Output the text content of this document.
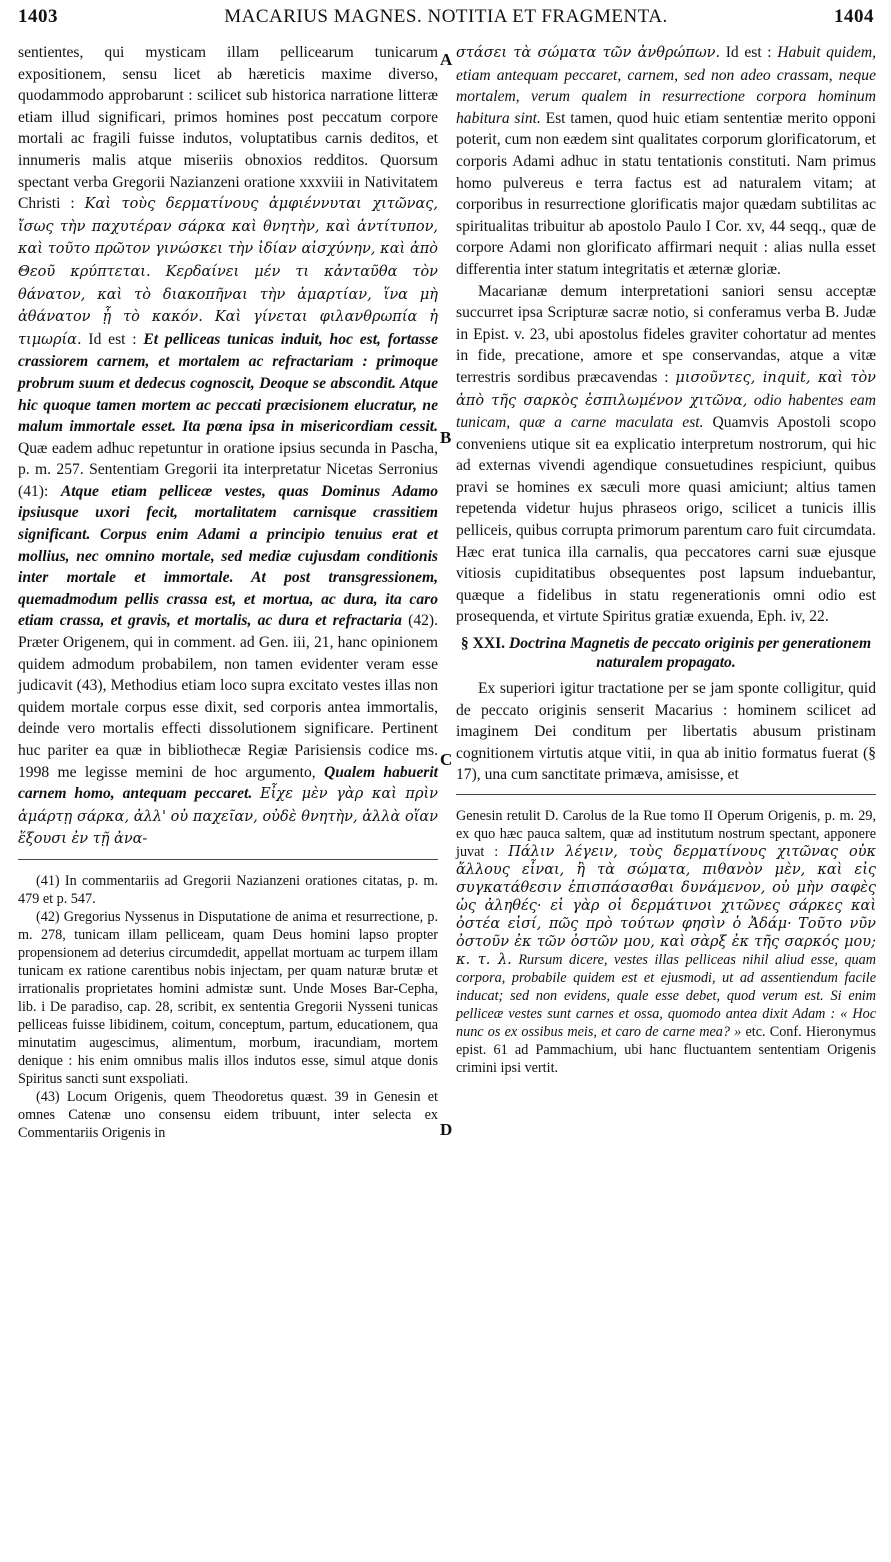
1403	MACARIUS MAGNES. NOTITIA ET FRAGMENTA.	1404
A
B
C
D

sentientes, qui mysticam illam pellicearum tunicarum expositionem, sensu licet ab hæreticis maxime diverso, quodammodo approbarunt : scilicet sub historica narratione litteræ etiam illud significari, primos homines post peccatum corpore mortali ac fragili fuisse indutos, voluptatibus carnis deditos, et innumeris malis atque miseriis obnoxios redditos. Quorsum spectant verba Gregorii Nazianzeni oratione xxxviii in Nativitatem Christi : Καὶ τοὺς δερματίνους ἀμφιέννυται χιτῶνας, ἴσως τὴν παχυτέραν σάρκα καὶ θνητὴν, καὶ ἀντίτυπον, καὶ τοῦτο πρῶτον γινώσκει τὴν ἰδίαν αἰσχύνην, καὶ ἀπὸ Θεοῦ κρύπτεται. Κερδαίνει μέν τι κἀνταῦθα τὸν θάνατον, καὶ τὸ διακοπῆναι τὴν ἁμαρτίαν, ἵνα μὴ ἀθάνατον ᾖ τὸ κακόν. Καὶ γίνεται φιλανθρωπία ἡ τιμωρία. Id est : Et pelliceas tunicas induit, hoc est, fortasse crassiorem carnem, et mortalem ac refractariam : primoque probrum suum et dedecus cognoscit, Deoque se abscondit. Atque hic quoque tamen mortem ac peccati præcisionem elucratur, ne malum immortale esset. Ita pœna ipsa in misericordiam cessit. Quæ eadem adhuc repetuntur in oratione ipsius secunda in Pascha, p. m. 257. Sententiam Gregorii ita interpretatur Nicetas Serronius (41): Atque etiam pelliceæ vestes, quas Dominus Adamo ipsiusque uxori fecit, mortalitatem carnisque crassitiem significant. Corpus enim Adami a principio tenuius erat et mollius, nec omnino mortale, sed mediæ cujusdam conditionis inter mortale et immortale. At post transgressionem, quemadmodum pellis crassa est, et mortua, ac dura, ita caro etiam crassa, et gravis, et mortalis, ac dura et refractaria (42). Præter Origenem, qui in comment. ad Gen. iii, 21, hanc opinionem quidem admodum probabilem, non tamen evidenter veram esse judicavit (43), Methodius etiam loco supra excitato vestes illas non quidem mortale corpus esse dixit, sed corporis antea immortalis, deinde vero mortalis effecti dissolutionem significare. Pertinent huc pariter ea quæ in bibliothecæ Regiæ Parisiensis codice ms. 1998 me legisse memini de hoc argumento, Qualem habuerit carnem homo, antequam peccaret. Εἶχε μὲν γὰρ καὶ πρὶν ἁμάρτῃ σάρκα, ἀλλ' οὐ παχεῖαν, οὐδὲ θνητὴν, ἀλλὰ οἵαν ἕξουσι ἐν τῇ ἀνα-

(41) In commentariis ad Gregorii Nazianzeni orationes citatas, p. m. 479 et p. 547.

(42) Gregorius Nyssenus in Disputatione de anima et resurrectione, p. m. 278, tunicam illam pelliceam, quam Deus homini lapso propter propensionem ad deterius circumdedit, appellat mortuam ac turpem illam tunicam ex ratione carentibus nobis injectam, per quam naturæ brutæ et irrationalis proprietates homini admistæ sunt. Unde Moses Bar-Cepha, lib. i De paradiso, cap. 28, scribit, ex sententia Gregorii Nysseni tunicas pelliceas fuisse libidinem, coitum, conceptum, partum, educationem, qua minutatim augescimus, alimentum, morbum, iracundiam, mortem denique : his enim omnibus malis illos indutos esse, simul atque donis Spiritus sancti sunt exspoliati.

(43) Locum Origenis, quem Theodoretus quæst. 39 in Genesin et omnes Catenæ uno consensu eidem tribuunt, inter selecta ex Commentariis Origenis in

στάσει τὰ σώματα τῶν ἀνθρώπων. Id est : Habuit quidem, etiam antequam peccaret, carnem, sed non adeo crassam, neque mortalem, verum qualem in resurrectione corpora hominum habitura sint. Est tamen, quod huic etiam sententiæ merito opponi poterit, cum non eædem sint qualitates corporum glorificatorum, et corporis Adami adhuc in statu tentationis constituti. Nam primus homo pulvereus e terra factus est ad naturalem vitam; at corporibus in resurrectione glorificatis major quædam subtilitas ac spiritualitas tribuitur ab apostolo Paulo I Cor. xv, 44 seqq., quæ de corpore Adami non glorificato affirmari nequit : alias nulla esset differentia inter statum integritatis et æternæ gloriæ.

Macarianæ demum interpretationi saniori sensu acceptæ succurret ipsa Scripturæ sacræ notio, si conferamus verba B. Judæ in Epist. v. 23, ubi apostolus fideles graviter cohortatur ad mentes in fide, precatione, amore et spe conservandas, atque a vitæ terrestris sordibus præcavendas : μισοῦντες, inquit, καὶ τὸν ἀπὸ τῆς σαρκὸς ἐσπιλωμένον χιτῶνα, odio habentes eam tunicam, quæ a carne maculata est. Quamvis Apostoli scopo conveniens utique sit ea explicatio interpretum nostrorum, qui hic ad externas vivendi agendique consuetudines respiciunt, quibus pravi se homines ex sæculi more quasi amiciunt; altius tamen repetenda videtur hujus phraseos origo, scilicet a tunicis illis pelliceis, quibus corrupta primorum parentum caro fuit circumdata. Hæc erat tunica illa carnalis, qua peccatores carni suæ ejusque vitiosis cupiditatibus obsequentes post lapsum induebantur, quæque a fidelibus in statu regenerationis omni odio est prosequenda, et virtute Spiritus gratiæ exuenda, Eph. iv, 22.

§ XXI. Doctrina Magnetis de peccato originis per generationem naturalem propagato.

Ex superiori igitur tractatione per se jam sponte colligitur, quid de peccato originis senserit Macarius : hominem scilicet ad imaginem Dei conditum per libertatis abusum pristinam cognitionem virtutis atque vitii, in qua ab initio formatus fuerat (§ 17), una cum sanctitate primæva, amisisse, et

Genesin retulit D. Carolus de la Rue tomo II Operum Origenis, p. m. 29, ex quo hæc pauca saltem, quæ ad institutum nostrum spectant, apponere juvat : Πάλιν λέγειν, τοὺς δερματίνους χιτῶνας οὐκ ἄλλους εἶναι, ἢ τὰ σώματα, πιθανὸν μὲν, καὶ εἰς συγκατάθεσιν ἐπισπάσασθαι δυνάμενον, οὐ μὴν σαφὲς ὡς ἀληθές· εἰ γὰρ οἱ δερμάτινοι χιτῶνες σάρκες καὶ ὀστέα εἰσί, πῶς πρὸ τούτων φησὶν ὁ Ἀδάμ· Τοῦτο νῦν ὀστοῦν ἐκ τῶν ὀστῶν μου, καὶ σὰρξ ἐκ τῆς σαρκός μου; κ. τ. λ. Rursum dicere, vestes illas pelliceas nihil aliud esse, quam corpora, probabile quidem est et ejusmodi, ut ad assentiendum facile inducat; sed non evidens, quale esse debet, quod verum est. Si enim pelliceæ vestes sunt carnes et ossa, quomodo antea dixit Adam : « Hoc nunc os ex ossibus meis, et caro de carne mea? » etc. Conf. Hieronymus epist. 61 ad Pammachium, ubi hanc fluctuantem sententiam Origenis crimini ipsi vertit.
